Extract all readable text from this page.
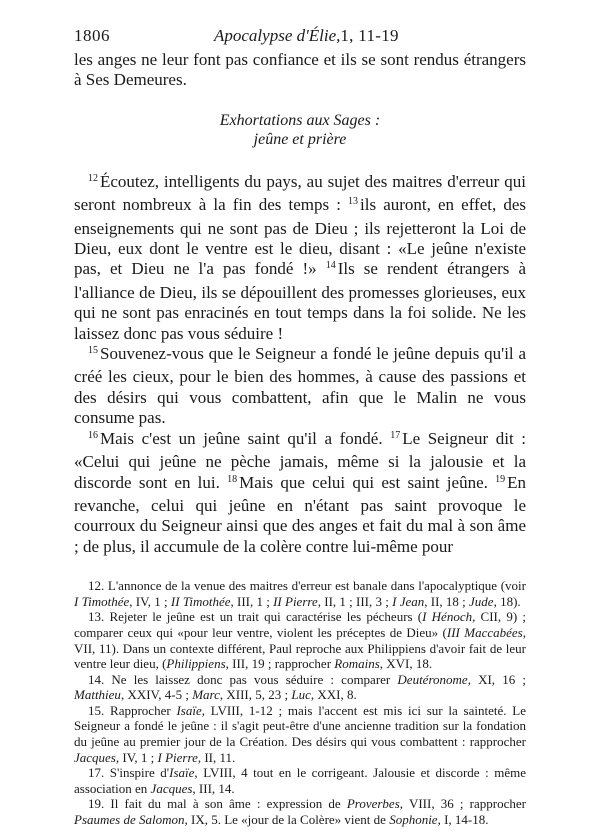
1806	Apocalypse d'Élie, 1, 11-19

les anges ne leur font pas confiance et ils se sont rendus étrangers à Ses Demeures.

Exhortations aux Sages :
jeûne et prière

$^{12}$ Écoutez, intelligents du pays, au sujet des maitres d'erreur qui seront nombreux à la fin des temps : $^{13}$ ils auront, en effet, des enseignements qui ne sont pas de Dieu ; ils rejetteront la Loi de Dieu, eux dont le ventre est le dieu, disant : «Le jeûne n'existe pas, et Dieu ne l'a pas fondé !» $^{14}$ Ils se rendent étrangers à l'alliance de Dieu, ils se dépouillent des promesses glorieuses, eux qui ne sont pas enracinés en tout temps dans la foi solide. Ne les laissez donc pas vous séduire !

$^{15}$ Souvenez-vous que le Seigneur a fondé le jeûne depuis qu'il a créé les cieux, pour le bien des hommes, à cause des passions et des désirs qui vous combattent, afin que le Malin ne vous consume pas.

$^{16}$ Mais c'est un jeûne saint qu'il a fondé. $^{17}$ Le Seigneur dit : «Celui qui jeûne ne pèche jamais, même si la jalousie et la discorde sont en lui. $^{18}$ Mais que celui qui est saint jeûne. $^{19}$ En revanche, celui qui jeûne en n'étant pas saint provoque le courroux du Seigneur ainsi que des anges et fait du mal à son âme ; de plus, il accumule de la colère contre lui-même pour

12. L'annonce de la venue des maitres d'erreur est banale dans l'apocalyptique (voir I Timothée, IV, 1 ; II Timothée, III, 1 ; II Pierre, II, 1 ; III, 3 ; I Jean, II, 18 ; Jude, 18).

13. Rejeter le jeûne est un trait qui caractérise les pécheurs (I Hénoch, CII, 9) ; comparer ceux qui «pour leur ventre, violent les préceptes de Dieu» (III Maccabées, VII, 11). Dans un contexte différent, Paul reproche aux Philippiens d'avoir fait de leur ventre leur dieu, (Philippiens, III, 19 ; rapprocher Romains, XVI, 18.

14. Ne les laissez donc pas vous séduire : comparer Deutéronome, XI, 16 ; Matthieu, XXIV, 4-5 ; Marc, XIII, 5, 23 ; Luc, XXI, 8.

15. Rapprocher Isaïe, LVIII, 1-12 ; mais l'accent est mis ici sur la sainteté. Le Seigneur a fondé le jeûne : il s'agit peut-être d'une ancienne tradition sur la fondation du jeûne au premier jour de la Création. Des désirs qui vous combattent : rapprocher Jacques, IV, 1 ; I Pierre, II, 11.

17. S'inspire d'Isaïe, LVIII, 4 tout en le corrigeant. Jalousie et discorde : même association en Jacques, III, 14.

19. Il fait du mal à son âme : expression de Proverbes, VIII, 36 ; rapprocher Psaumes de Salomon, IX, 5. Le «jour de la Colère» vient de Sophonie, I, 14-18.
